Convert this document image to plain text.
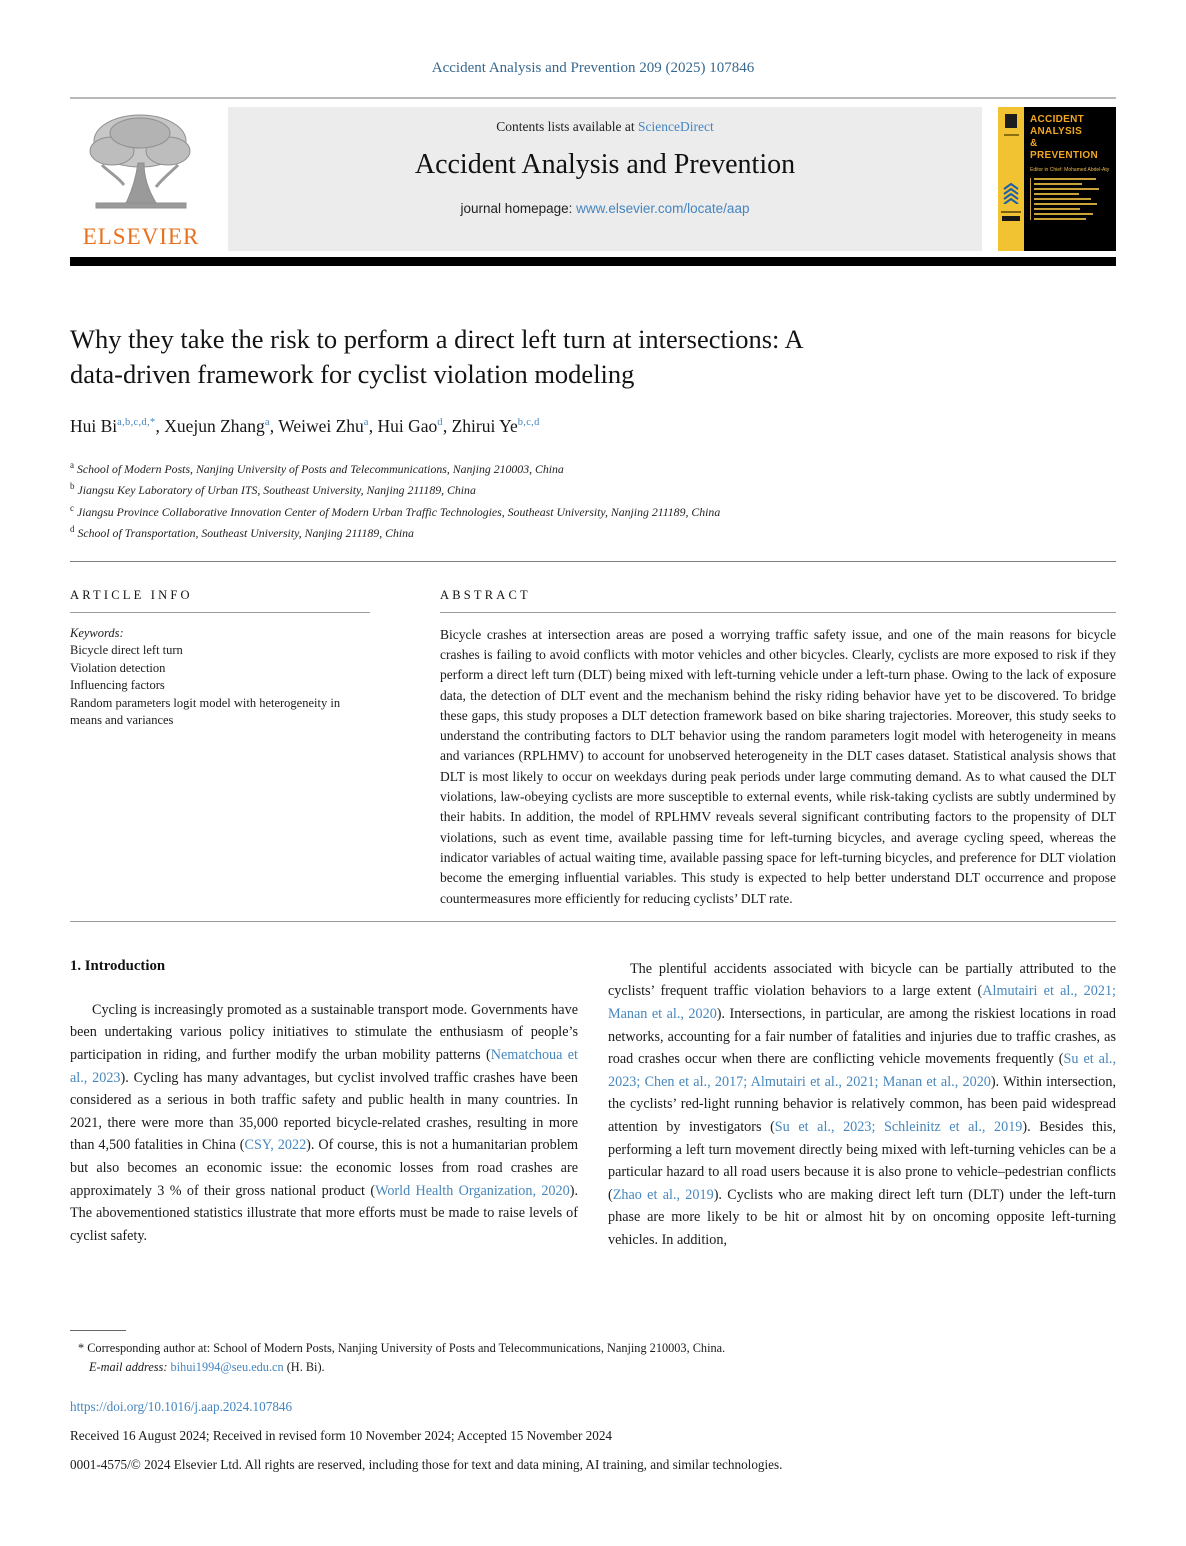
Accident Analysis and Prevention 209 (2025) 107846
ELSEVIER
Contents lists available at ScienceDirect
Accident Analysis and Prevention
journal homepage: www.elsevier.com/locate/aap
ACCIDENT
ANALYSIS
&
PREVENTION
Editor in Chief: Mohamed Abdel-Aty
Why they take the risk to perform a direct left turn at intersections: A
data-driven framework for cyclist violation modeling
Hui $Bi^{a,b,c,d,*}$, Xuejun Zhang$^a$, Weiwei Zhu$^a$, Hui Gao$^d$, Zhirui Ye$^{b,c,d}$
$^a$ School of Modern Posts, Nanjing University of Posts and Telecommunications, Nanjing 210003, China
$^b$ Jiangsu Key Laboratory of Urban ITS, Southeast University, Nanjing 211189, China
$^c$ Jiangsu Province Collaborative Innovation Center of Modern Urban Traffic Technologies, Southeast University, Nanjing 211189, China
$^d$ School of Transportation, Southeast University, Nanjing 211189, China
ARTICLE INFO
Keywords:
Bicycle direct left turn
Violation detection
Influencing factors
Random parameters logit model with heterogeneity in means and variances
ABSTRACT
Bicycle crashes at intersection areas are posed a worrying traffic safety issue, and one of the main reasons for bicycle crashes is failing to avoid conflicts with motor vehicles and other bicycles. Clearly, cyclists are more exposed to risk if they perform a direct left turn (DLT) being mixed with left-turning vehicle under a left-turn phase. Owing to the lack of exposure data, the detection of DLT event and the mechanism behind the risky riding behavior have yet to be discovered. To bridge these gaps, this study proposes a DLT detection framework based on bike sharing trajectories. Moreover, this study seeks to understand the contributing factors to DLT behavior using the random parameters logit model with heterogeneity in means and variances (RPLHMV) to account for unobserved heterogeneity in the DLT cases dataset. Statistical analysis shows that DLT is most likely to occur on weekdays during peak periods under large commuting demand. As to what caused the DLT violations, law-obeying cyclists are more susceptible to external events, while risk-taking cyclists are subtly undermined by their habits. In addition, the model of RPLHMV reveals several significant contributing factors to the propensity of DLT violations, such as event time, available passing time for left-turning bicycles, and average cycling speed, whereas the indicator variables of actual waiting time, available passing space for left-turning bicycles, and preference for DLT violation become the emerging influential variables. This study is expected to help better understand DLT occurrence and propose countermeasures more efficiently for reducing cyclists’ DLT rate.
1. Introduction

Cycling is increasingly promoted as a sustainable transport mode. Governments have been undertaking various policy initiatives to stimulate the enthusiasm of people’s participation in riding, and further modify the urban mobility patterns (Nematchoua et al., 2023). Cycling has many advantages, but cyclist involved traffic crashes have been considered as a serious in both traffic safety and public health in many countries. In 2021, there were more than 35,000 reported bicycle-related crashes, resulting in more than 4,500 fatalities in China (CSY, 2022). Of course, this is not a humanitarian problem but also becomes an economic issue: the economic losses from road crashes are approximately 3 % of their gross national product (World Health Organization, 2020). The abovementioned statistics illustrate that more efforts must be made to raise levels of cyclist safety.

The plentiful accidents associated with bicycle can be partially attributed to the cyclists’ frequent traffic violation behaviors to a large extent (Almutairi et al., 2021; Manan et al., 2020). Intersections, in particular, are among the riskiest locations in road networks, accounting for a fair number of fatalities and injuries due to traffic crashes, as road crashes occur when there are conflicting vehicle movements frequently (Su et al., 2023; Chen et al., 2017; Almutairi et al., 2021; Manan et al., 2020). Within intersection, the cyclists’ red-light running behavior is relatively common, has been paid widespread attention by investigators (Su et al., 2023; Schleinitz et al., 2019). Besides this, performing a left turn movement directly being mixed with left-turning vehicles can be a particular hazard to all road users because it is also prone to vehicle–pedestrian conflicts (Zhao et al., 2019). Cyclists who are making direct left turn (DLT) under the left-turn phase are more likely to be hit or almost hit by on oncoming opposite left-turning vehicles. In addition,

* Corresponding author at: School of Modern Posts, Nanjing University of Posts and Telecommunications, Nanjing 210003, China.

E-mail address: bihui1994@seu.edu.cn (H. Bi).

https://doi.org/10.1016/j.aap.2024.107846

Received 16 August 2024; Received in revised form 10 November 2024; Accepted 15 November 2024

0001-4575/© 2024 Elsevier Ltd. All rights are reserved, including those for text and data mining, AI training, and similar technologies.
